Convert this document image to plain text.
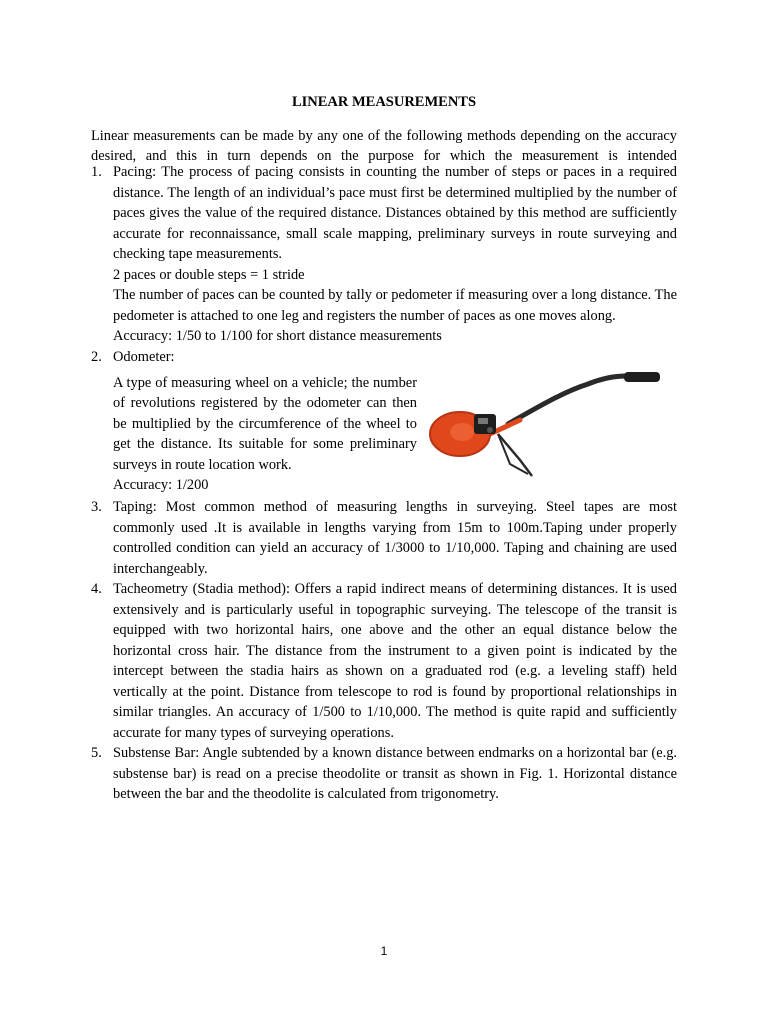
LINEAR MEASUREMENTS
Linear measurements can be made by any one of the following methods depending on the accuracy desired, and this in turn depends on the purpose for which the measurement is intended
1. Pacing: The process of pacing consists in counting the number of steps or paces in a required distance. The length of an individual’s pace must first be determined multiplied by the number of paces gives the value of the required distance. Distances obtained by this method are sufficiently accurate for reconnaissance, small scale mapping, preliminary surveys in route surveying and checking tape measurements.
2 paces or double steps = 1 stride
The number of paces can be counted by tally or pedometer if measuring over a long distance. The pedometer is attached to one leg and registers the number of paces as one moves along.
Accuracy: 1/50 to 1/100 for short distance measurements
2. Odometer:
A type of measuring wheel on a vehicle; the number of revolutions registered by the odometer can then be multiplied by the circumference of the wheel to get the distance. Its suitable for some preliminary surveys in route location work.
Accuracy: 1/200
3. Taping: Most common method of measuring lengths in surveying. Steel tapes are most commonly used .It is available in lengths varying from 15m to 100m.Taping under properly controlled condition can yield an accuracy of 1/3000 to 1/10,000. Taping and chaining are used interchangeably.
4. Tacheometry (Stadia method): Offers a rapid indirect means of determining distances. It is used extensively and is particularly useful in topographic surveying. The telescope of the transit is equipped with two horizontal hairs, one above and the other an equal distance below the horizontal cross hair. The distance from the instrument to a given point is indicated by the intercept between the stadia hairs as shown on a graduated rod (e.g. a leveling staff) held vertically at the point. Distance from telescope to rod is found by proportional relationships in similar triangles. An accuracy of 1/500 to 1/10,000. The method is quite rapid and sufficiently accurate for many types of surveying operations.
5. Substense Bar: Angle subtended by a known distance between endmarks on a horizontal bar (e.g. substense bar) is read on a precise theodolite or transit as shown in Fig. 1. Horizontal distance between the bar and the theodolite is calculated from trigonometry.
1
